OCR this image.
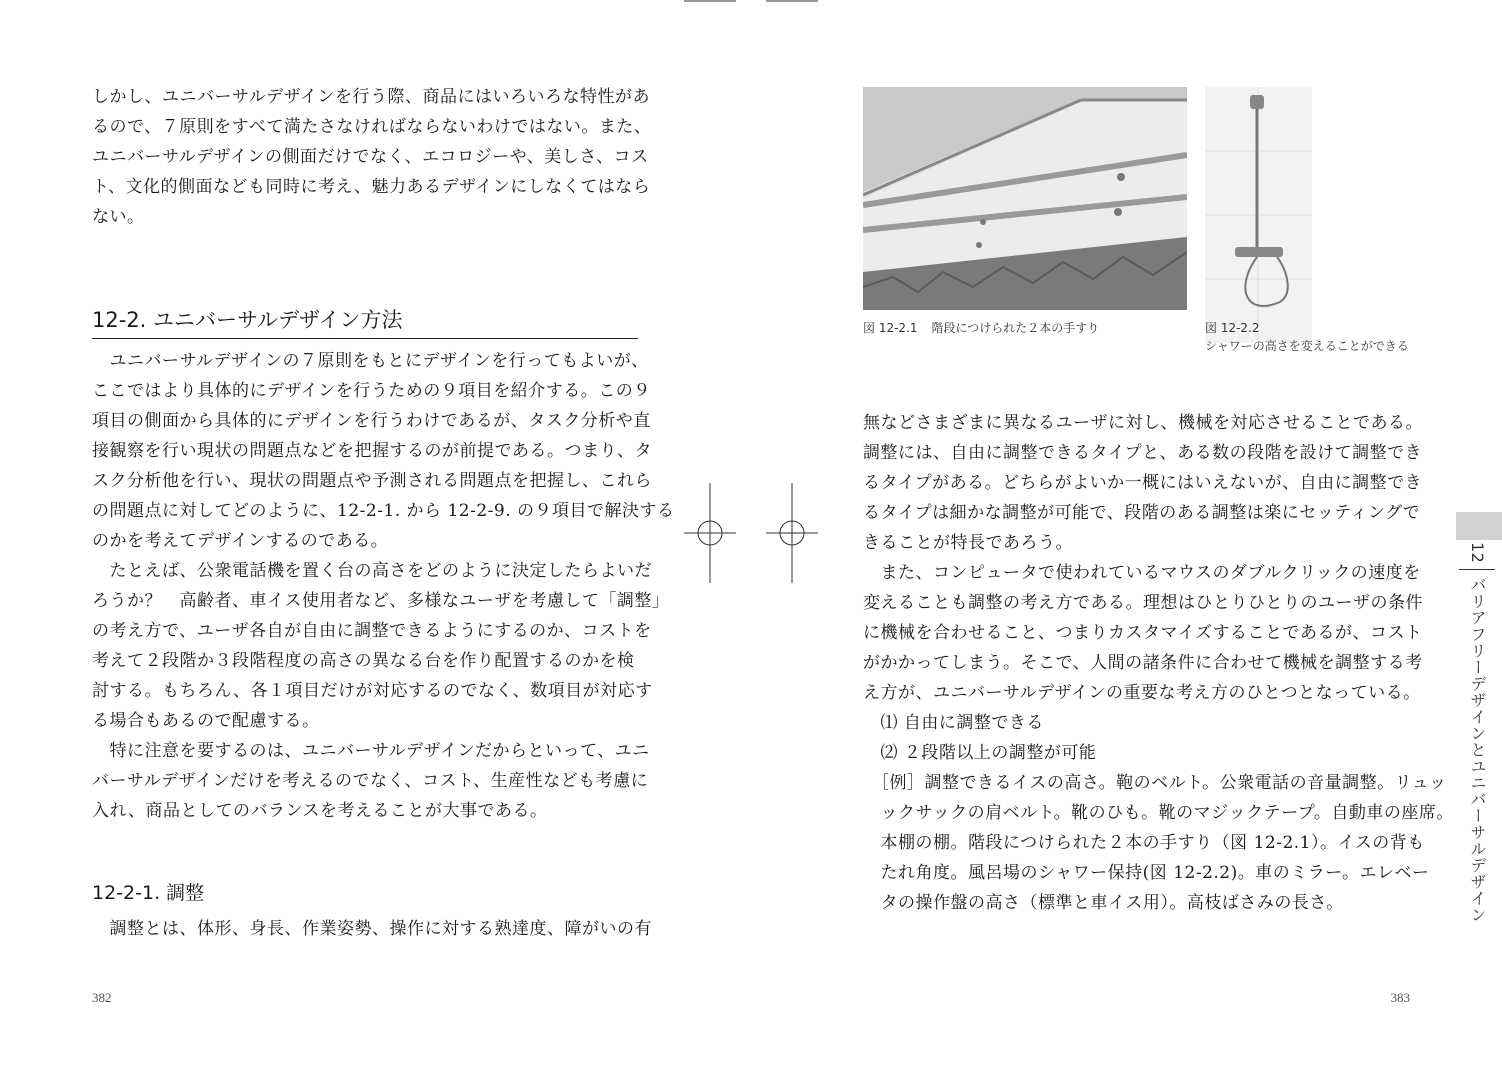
しかし、ユニバーサルデザインを行う際、商品にはいろいろな特性があ
るので、７原則をすべて満たさなければならないわけではない。また、
ユニバーサルデザインの側面だけでなく、エコロジーや、美しさ、コス
ト、文化的側面なども同時に考え、魅力あるデザインにしなくてはなら
ない。

12-2. ユニバーサルデザイン方法

　ユニバーサルデザインの７原則をもとにデザインを行ってもよいが、
ここではより具体的にデザインを行うための９項目を紹介する。この９
項目の側面から具体的にデザインを行うわけであるが、タスク分析や直
接観察を行い現状の問題点などを把握するのが前提である。つまり、タ
スク分析他を行い、現状の問題点や予測される問題点を把握し、これら
の問題点に対してどのように、12-2-1. から 12-2-9. の９項目で解決する
のかを考えてデザインするのである。
　たとえば、公衆電話機を置く台の高さをどのように決定したらよいだ
ろうか？　高齢者、車イス使用者など、多様なユーザを考慮して「調整」
の考え方で、ユーザ各自が自由に調整できるようにするのか、コストを
考えて２段階か３段階程度の高さの異なる台を作り配置するのかを検
討する。もちろん、各１項目だけが対応するのでなく、数項目が対応す
る場合もあるので配慮する。
　特に注意を要するのは、ユニバーサルデザインだからといって、ユニ
バーサルデザインだけを考えるのでなく、コスト、生産性なども考慮に
入れ、商品としてのバランスを考えることが大事である。

12-2-1. 調整

　調整とは、体形、身長、作業姿勢、操作に対する熟達度、障がいの有

382
図 12-2.1 階段につけられた２本の手すり	図 12-2.2
シャワーの高さを変えることができる

無などさまざまに異なるユーザに対し、機械を対応させることである。
調整には、自由に調整できるタイプと、ある数の段階を設けて調整でき
るタイプがある。どちらがよいか一概にはいえないが、自由に調整でき
るタイプは細かな調整が可能で、段階のある調整は楽にセッティングで
きることが特長であろう。
　また、コンピュータで使われているマウスのダブルクリックの速度を
変えることも調整の考え方である。理想はひとりひとりのユーザの条件
に機械を合わせること、つまりカスタマイズすることであるが、コスト
がかかってしまう。そこで、人間の諸条件に合わせて機械を調整する考
え方が、ユニバーサルデザインの重要な考え方のひとつとなっている。
　⑴ 自由に調整できる
　⑵ ２段階以上の調整が可能
　［例］調整できるイスの高さ。鞄のベルト。公衆電話の音量調整。リュッ
　ックサックの肩ベルト。靴のひも。靴のマジックテープ。自動車の座席。
　本棚の棚。階段につけられた２本の手すり（図 12-2.1）。イスの背も
　たれ角度。風呂場のシャワー保持(図 12-2.2)。車のミラー。エレベー
　タの操作盤の高さ（標準と車イス用）。高枝ばさみの長さ。

12バリアフリーデザインとユニバーサルデザイン
383
